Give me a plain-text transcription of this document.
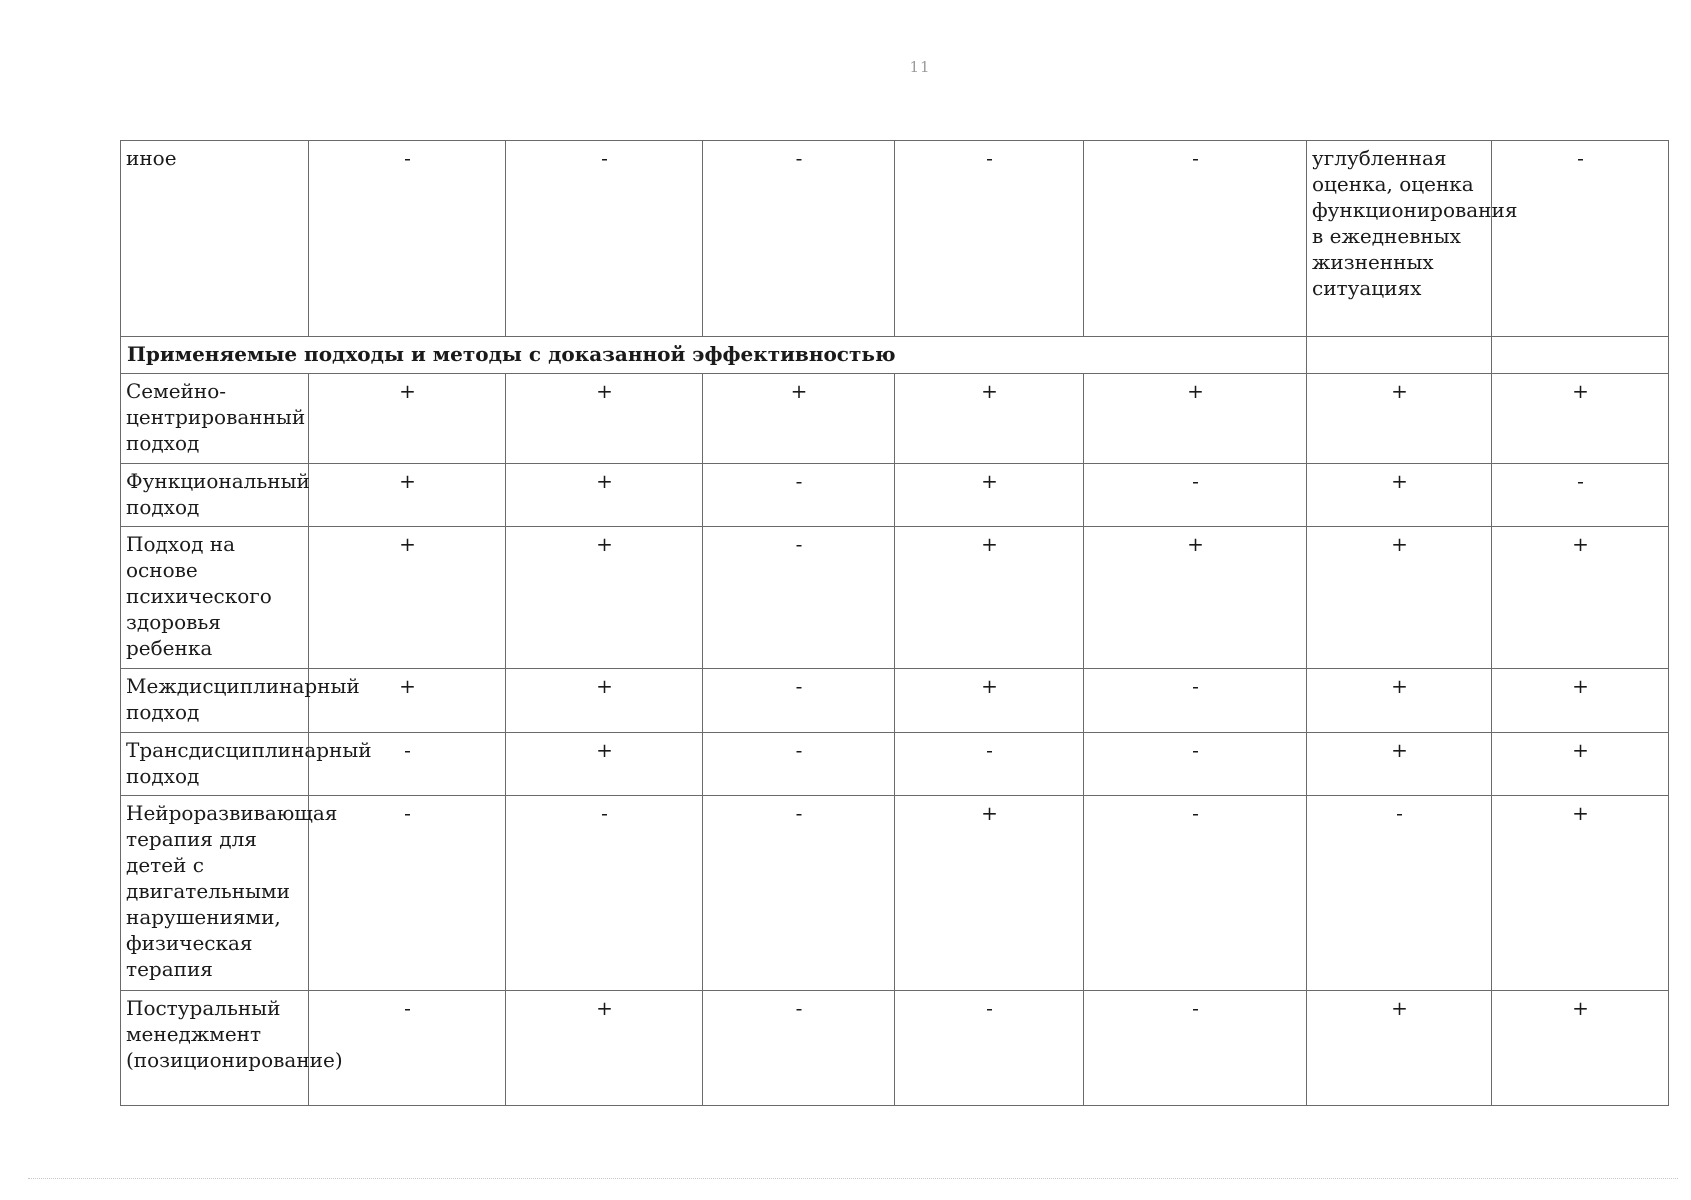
11
иное	-	-	-	-	-	углубленная оценка, оценка функционирования в ежедневных жизненных ситуациях	-
Применяемые подходы и методы с доказанной эффективностью							
Семейно-центрированный подход	+	+	+	+	+	+	+
Функциональный подход	+	+	-	+	-	+	-
Подход на основе психического здоровья ребенка	+	+	-	+	+	+	+
Междисциплинарный подход	+	+	-	+	-	+	+
Трансдисциплинарный подход	-	+	-	-	-	+	+
Нейроразвивающая терапия для детей с двигательными нарушениями, физическая терапия	-	-	-	+	-	-	+
Постуральный менеджмент (позиционирование)	-	+	-	-	-	+	+
